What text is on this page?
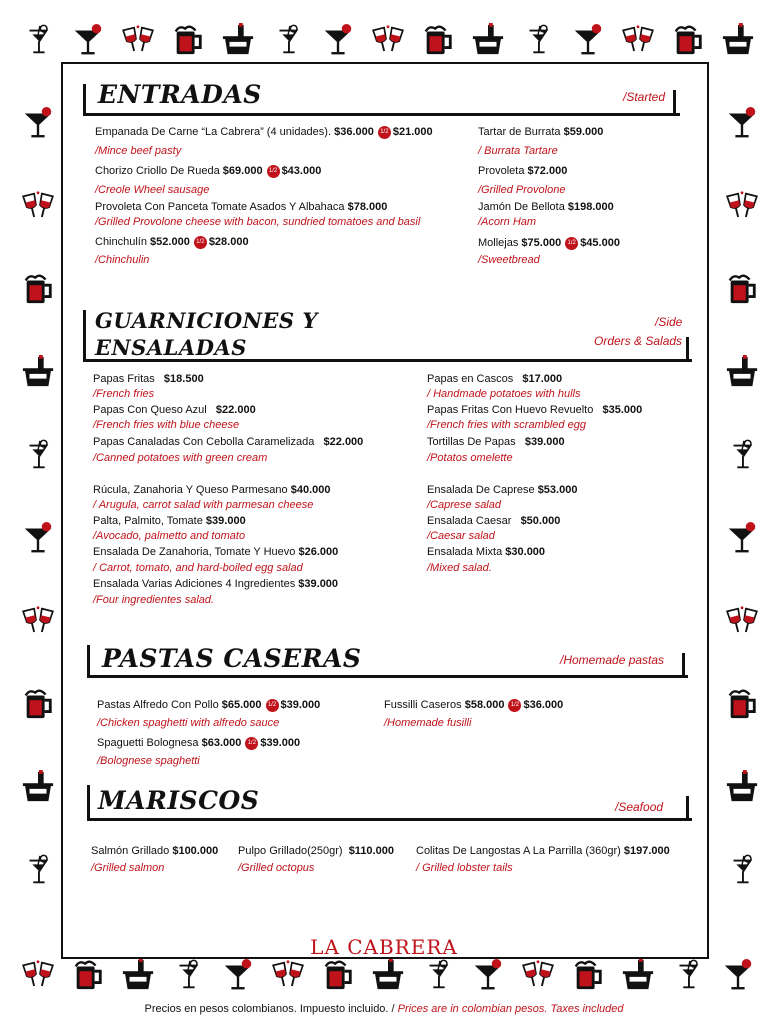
ENTRADAS	/Started
Empanada De Carne “La Cabrera” (4 unidades). $36.000 1/2 $21.000
/Mince beef pasty
Chorizo Criollo De Rueda $69.000 1/2 $43.000
/Creole Wheel sausage
Provoleta Con Panceta Tomate Asados Y Albahaca $78.000
/Grilled Provolone cheese with bacon, sundried tomatoes and basil
Chinchulín $52.000 1/2 $28.000
/Chinchulin
Tartar de Burrata $59.000
/ Burrata Tartare
Provoleta $72.000
/Grilled Provolone
Jamón De Bellota $198.000
/Acorn Ham
Mollejas $75.000 1/2 $45.000
/Sweetbread
GUARNICIONES Y
ENSALADAS
/Side
Orders & Salads
Papas Fritas $18.500
/French fries
Papas Con Queso Azul $22.000
/French fries with blue cheese
Papas Canaladas Con Cebolla Caramelizada $22.000
/Canned potatoes with green cream
Papas en Cascos $17.000
/ Handmade potatoes with hulls
Papas Fritas Con Huevo Revuelto $35.000
/French fries with scrambled egg
Tortillas De Papas $39.000
/Potatos omelette
Rúcula, Zanahoria Y Queso Parmesano $40.000
/ Arugula, carrot salad with parmesan cheese
Palta, Palmito, Tomate $39.000
/Avocado, palmetto and tomato
Ensalada De Zanahoria, Tomate Y Huevo $26.000
/ Carrot, tomato, and hard-boiled egg salad
Ensalada Varias Adiciones 4 Ingredientes $39.000
/Four ingredientes salad.
Ensalada De Caprese $53.000
/Caprese salad
Ensalada Caesar $50.000
/Caesar salad
Ensalada Mixta $30.000
/Mixed salad.
PASTAS CASERAS	/Homemade pastas
Pastas Alfredo Con Pollo $65.000 1/2 $39.000
/Chicken spaghetti with alfredo sauce
Spaguetti Bolognesa $63.000 1/2 $39.000
/Bolognese spaghetti
Fussilli Caseros $58.000 1/2 $36.000
/Homemade fusilli
MARISCOS	/Seafood
Salmón Grillado $100.000
/Grilled salmon
Pulpo Grillado(250gr) $110.000
/Grilled octopus
Colitas De Langostas A La Parrilla (360gr) $197.000
/ Grilled lobster tails
LA CABRERA
Precios en pesos colombianos. Impuesto incluido. / Prices are in colombian pesos. Taxes included
